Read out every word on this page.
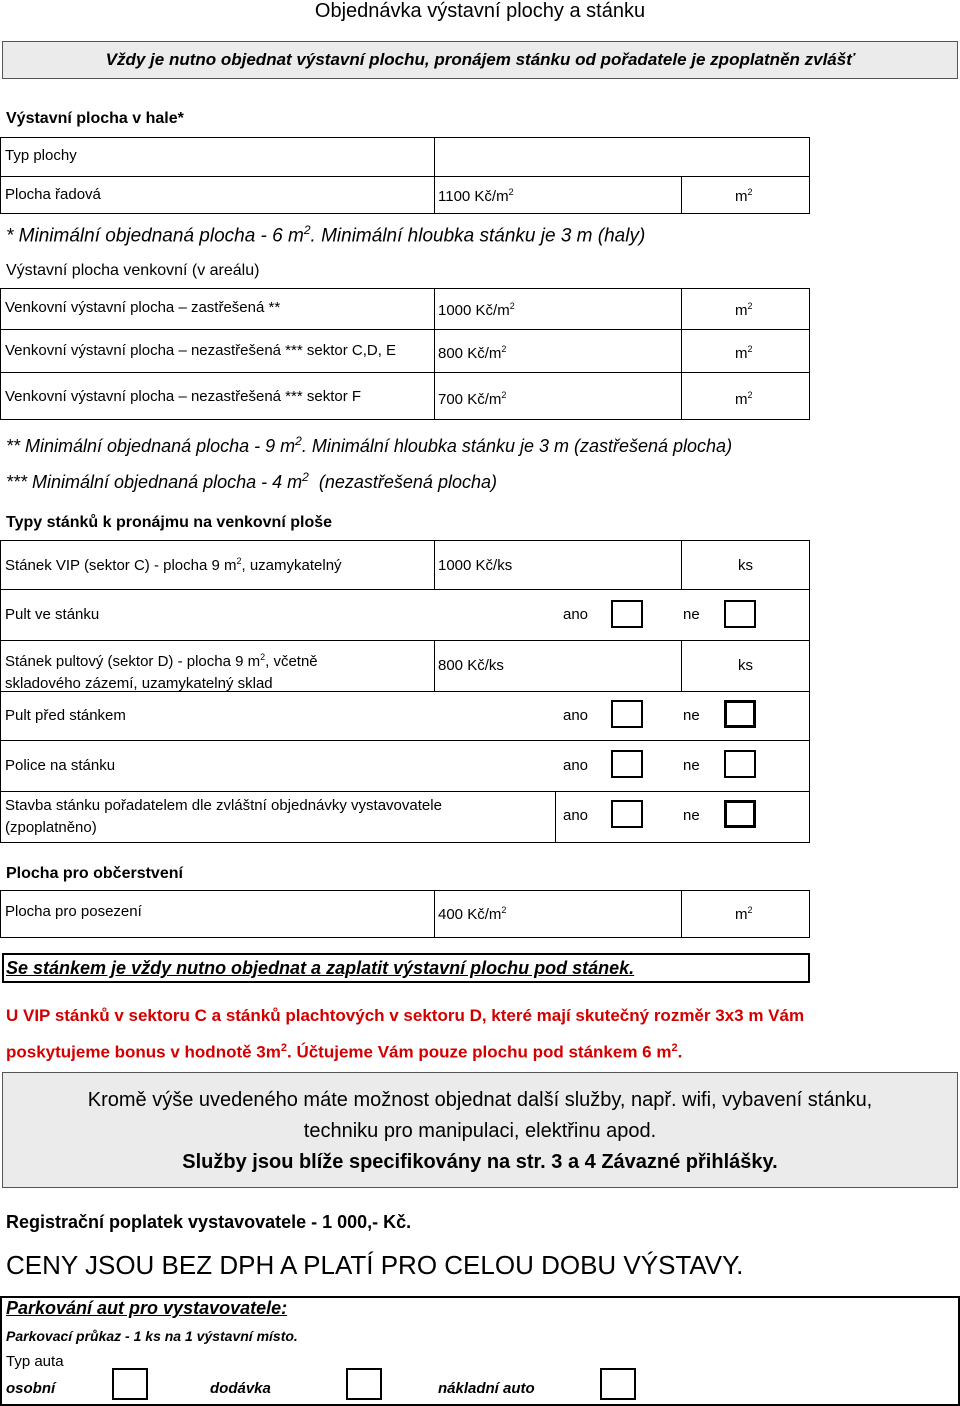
Objednávka výstavní plochy a stánku
Vždy je nutno objednat výstavní plochu, pronájem stánku od pořadatele je zpoplatněn zvlášť
Výstavní plocha v hale*
Typ plochy
Plocha řadová	1100 $Kč/m^2$	$m^2$
* Minimální objednaná plocha - 6 $m^2$. Minimální hloubka stánku je 3 m (haly)
Výstavní plocha venkovní (v areálu)
Venkovní výstavní plocha – zastřešená **	1000 $Kč/m^2$	$m^2$
Venkovní výstavní plocha – nezastřešená *** sektor C,D, E	800 $Kč/m^2$	$m^2$
Venkovní výstavní plocha – nezastřešená *** sektor F	700 $Kč/m^2$	$m^2$
** Minimální objednaná plocha - 9 $m^2$. Minimální hloubka stánku je 3 m (zastřešená plocha)
*** Minimální objednaná plocha - 4 $m^2$ (nezastřešená plocha)
Typy stánků k pronájmu na venkovní ploše
Stánek VIP (sektor C) - plocha 9 $m^2$, uzamykatelný	1000 Kč/ks	ks
Pult ve stánku	ano	ne
Stánek pultový (sektor D) - plocha 9 $m^2$, včetně
skladového zázemí, uzamykatelný sklad
800 Kč/ks	ks
Pult před stánkem	ano	ne
Police na stánku	ano	ne
Stavba stánku pořadatelem dle zvláštní objednávky vystavovatele
(zpoplatněno)
ano	ne
Plocha pro občerstvení
Plocha pro posezení	400 $Kč/m^2$	$m^2$
Se stánkem je vždy nutno objednat a zaplatit výstavní plochu pod stánek.
U VIP stánků v sektoru C a stánků plachtových v sektoru D, které mají skutečný rozměr 3x3 m Vám
poskytujeme bonus v hodnotě $3m^2$. Účtujeme Vám pouze plochu pod stánkem 6 $m^2$.
Kromě výše uvedeného máte možnost objednat další služby, např. wifi, vybavení stánku,
techniku pro manipulaci, elektřinu apod.
Služby jsou blíže specifikovány na str. 3 a 4 Závazné přihlášky.
Registrační poplatek vystavovatele - 1 000,- Kč.
CENY JSOU BEZ DPH A PLATÍ PRO CELOU DOBU VÝSTAVY.
Parkování aut pro vystavovatele:
Parkovací průkaz - 1 ks na 1 výstavní místo.
Typ auta
osobní	dodávka	nákladní auto
